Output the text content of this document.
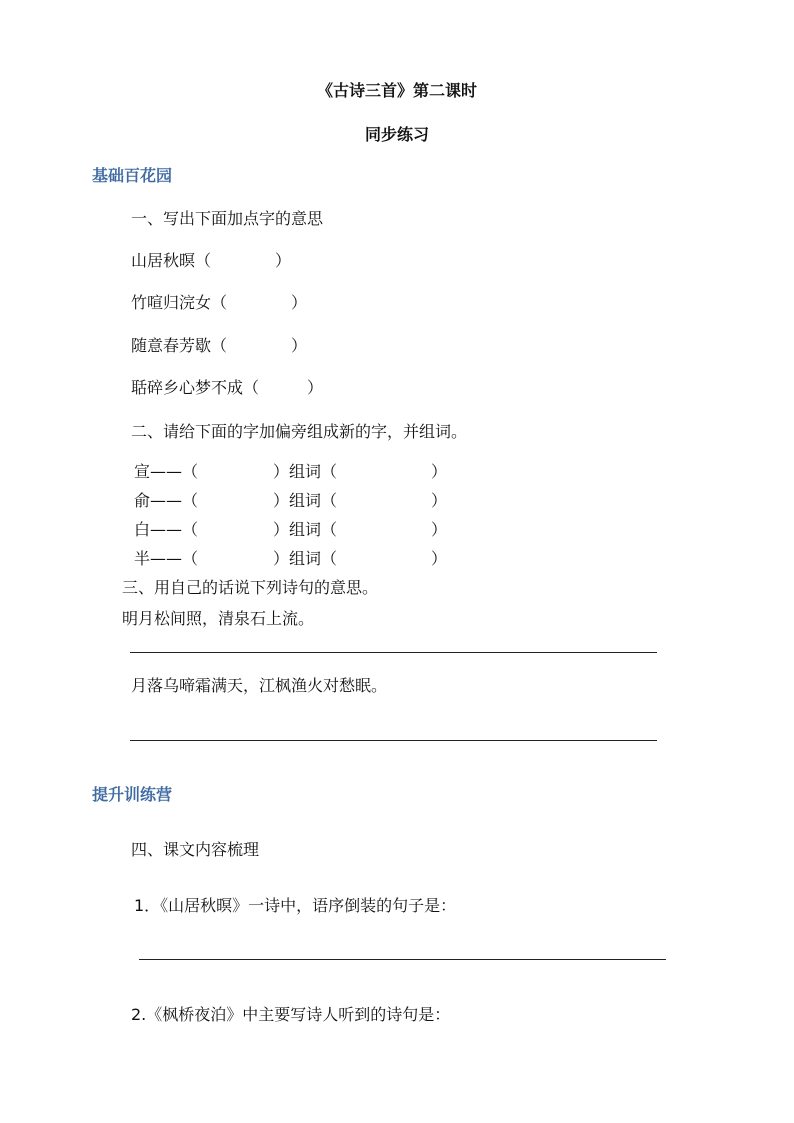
《古诗三首》第二课时
同步练习
基础百花园
一、写出下面加点字的意思
山居秋暝（　　　　）
竹喧归浣女（　　　　）
随意春芳歇（　　　　）
聒碎乡心梦不成（　　　）
二、请给下面的字加偏旁组成新的字，并组词。
宣——（	）组词（	）
俞——（	）组词（	）
白——（	）组词（	）
半——（	）组词（	）
三、用自己的话说下列诗句的意思。
明月松间照，清泉石上流。
月落乌啼霜满天，江枫渔火对愁眠。
提升训练营
四、课文内容梳理
1．《山居秋暝》一诗中，语序倒装的句子是：
2.《枫桥夜泊》中主要写诗人听到的诗句是：
